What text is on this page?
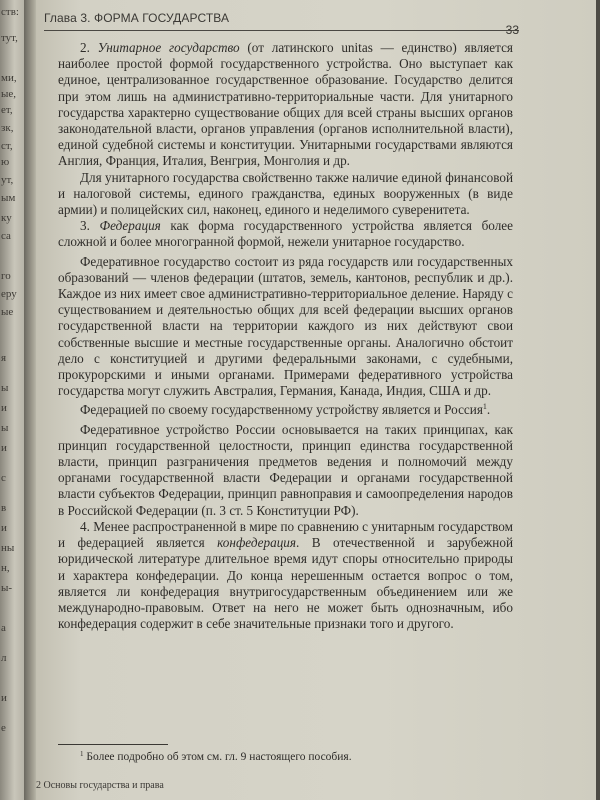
ств:
тут,
ми,
ые,
ет,
зк,
ст,
ю
ут,
ым
ку
са
го
еру
ые
я
ы
и
ы
и
с
в
и
ны
н,
ы-
а
л
и
е
Глава 3. ФОРМА ГОСУДАРСТВА
33

2. Унитарное государство (от латинского unitas — единство) является наиболее простой формой государственного устройства. Оно выступает как единое, централизованное государственное образование. Государство делится при этом лишь на административно-территориальные части. Для унитарного государства характерно существование общих для всей страны высших органов законодательной власти, органов управления (органов исполнительной власти), единой судебной системы и конституции. Унитарными государствами являются Англия, Франция, Италия, Венгрия, Монголия и др.

Для унитарного государства свойственно также наличие единой финансовой и налоговой системы, единого гражданства, единых вооруженных (в виде армии) и полицейских сил, наконец, единого и неделимого суверенитета.

3. Федерация как форма государственного устройства является более сложной и более многогранной формой, нежели унитарное государство.

Федеративное государство состоит из ряда государств или государственных образований — членов федерации (штатов, земель, кантонов, республик и др.). Каждое из них имеет свое административно-территориальное деление. Наряду с существованием и деятельностью общих для всей федерации высших органов государственной власти на территории каждого из них действуют свои собственные высшие и местные государственные органы. Аналогично обстоит дело с конституцией и другими федеральными законами, с судебными, прокурорскими и иными органами. Примерами федеративного устройства государства могут служить Австралия, Германия, Канада, Индия, США и др.

Федерацией по своему государственному устройству является и Россия$^1$.

Федеративное устройство России основывается на таких принципах, как принцип государственной целостности, принцип единства государственной власти, принцип разграничения предметов ведения и полномочий между органами государственной власти Федерации и органами государственной власти субъектов Федерации, принцип равноправия и самоопределения народов в Российской Федерации (п. 3 ст. 5 Конституции РФ).

4. Менее распространенной в мире по сравнению с унитарным государством и федерацией является конфедерация. В отечественной и зарубежной юридической литературе длительное время идут споры относительно природы и характера конфедерации. До конца нерешенным остается вопрос о том, является ли конфедерация внутригосударственным объединением или же международно-правовым. Ответ на него не может быть однозначным, ибо конфедерация содержит в себе значительные признаки того и другого.

$^1$ Более подробно об этом см. гл. 9 настоящего пособия.
2 Основы государства и права
